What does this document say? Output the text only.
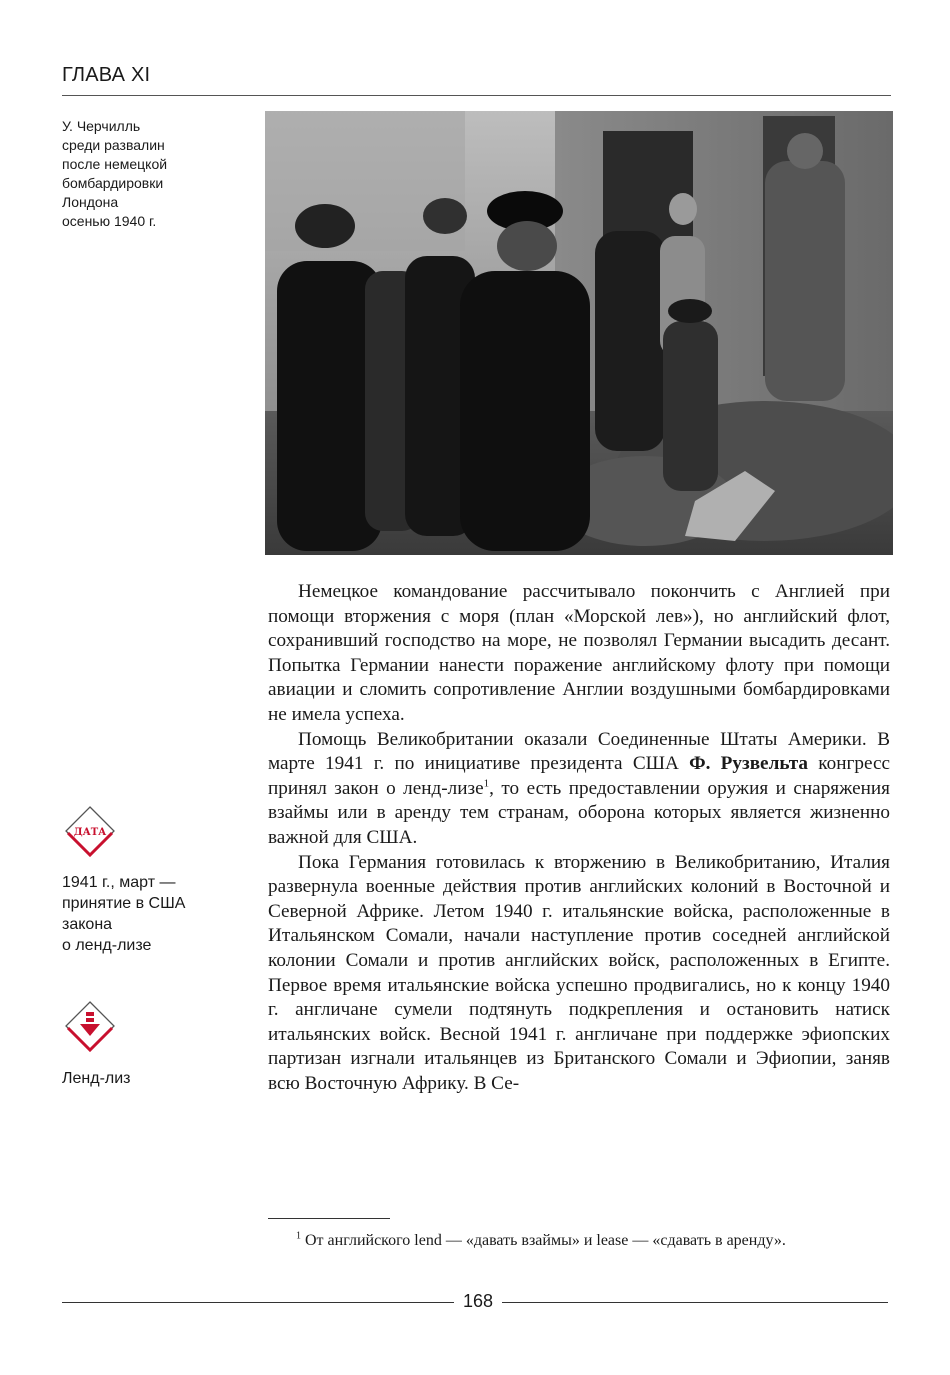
ГЛАВА XI
У. Черчилль
среди развалин
после немецкой
бомбардировки
Лондона
осенью 1940 г.

Немецкое командование рассчитывало покончить с Англией при помощи вторжения с моря (план «Морской лев»), но английский флот, сохранивший господство на море, не позволял Германии высадить десант. Попытка Германии нанести поражение английскому флоту при помощи авиации и сломить сопротивление Англии воздушными бомбардировками не имела успеха.

Помощь Великобритании оказали Соединенные Штаты Америки. В марте 1941 г. по инициативе президента США Ф. Рузвельта конгресс принял закон о ленд-лизе$^1$, то есть предоставлении оружия и снаряжения взаймы или в аренду тем странам, оборона которых является жизненно важной для США.

Пока Германия готовилась к вторжению в Великобританию, Италия развернула военные действия против английских колоний в Восточной и Северной Африке. Летом 1940 г. итальянские войска, расположенные в Итальянском Сомали, начали наступление против соседней английской колонии Сомали и против английских войск, расположенных в Египте. Первое время итальянские войска успешно продвигались, но к концу 1940 г. англичане сумели подтянуть подкрепления и остановить натиск итальянских войск. Весной 1941 г. англичане при поддержке эфиопских партизан изгнали итальянцев из Британского Сомали и Эфиопии, заняв всю Восточную Африку. В Се-

ДАТА
1941 г., март —
принятие в США
закона
о ленд-лизе
Ленд-лиз

$^1$ От английского lend — «давать взаймы» и lease — «сдавать в аренду».

168
